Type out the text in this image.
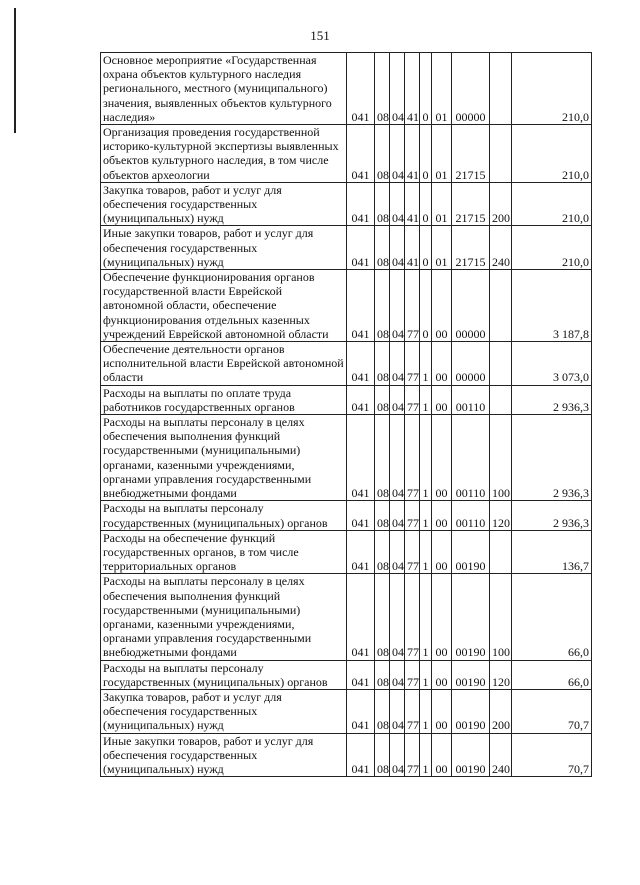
151
Основное мероприятие «Государственная охрана объектов культурного наследия регионального, местного (муниципального) значения, выявленных объектов культурного наследия»	041	08	04	41	0	01	00000		210,0

Организация проведения государственной историко-культурной экспертизы выявленных объектов культурного наследия, в том числе объектов археологии	041	08	04	41	0	01	21715		210,0

Закупка товаров, работ и услуг для обеспечения государственных (муниципальных) нужд	041	08	04	41	0	01	21715	200	210,0

Иные закупки товаров, работ и услуг для обеспечения государственных (муниципальных) нужд	041	08	04	41	0	01	21715	240	210,0

Обеспечение функционирования органов государственной власти Еврейской автономной области, обеспечение функционирования отдельных казенных учреждений Еврейской автономной области	041	08	04	77	0	00	00000		3 187,8

Обеспечение деятельности органов исполнительной власти Еврейской автономной области	041	08	04	77	1	00	00000		3 073,0

Расходы на выплаты по оплате труда работников государственных органов	041	08	04	77	1	00	00110		2 936,3

Расходы на выплаты персоналу в целях обеспечения выполнения функций государственными (муниципальными) органами, казенными учреждениями, органами управления государственными внебюджетными фондами	041	08	04	77	1	00	00110	100	2 936,3

Расходы на выплаты персоналу государственных (муниципальных) органов	041	08	04	77	1	00	00110	120	2 936,3

Расходы на обеспечение функций государственных органов, в том числе территориальных органов	041	08	04	77	1	00	00190		136,7

Расходы на выплаты персоналу в целях обеспечения выполнения функций государственными (муниципальными) органами, казенными учреждениями, органами управления государственными внебюджетными фондами	041	08	04	77	1	00	00190	100	66,0

Расходы на выплаты персоналу государственных (муниципальных) органов	041	08	04	77	1	00	00190	120	66,0

Закупка товаров, работ и услуг для обеспечения государственных (муниципальных) нужд	041	08	04	77	1	00	00190	200	70,7

Иные закупки товаров, работ и услуг для обеспечения государственных (муниципальных) нужд	041	08	04	77	1	00	00190	240	70,7
